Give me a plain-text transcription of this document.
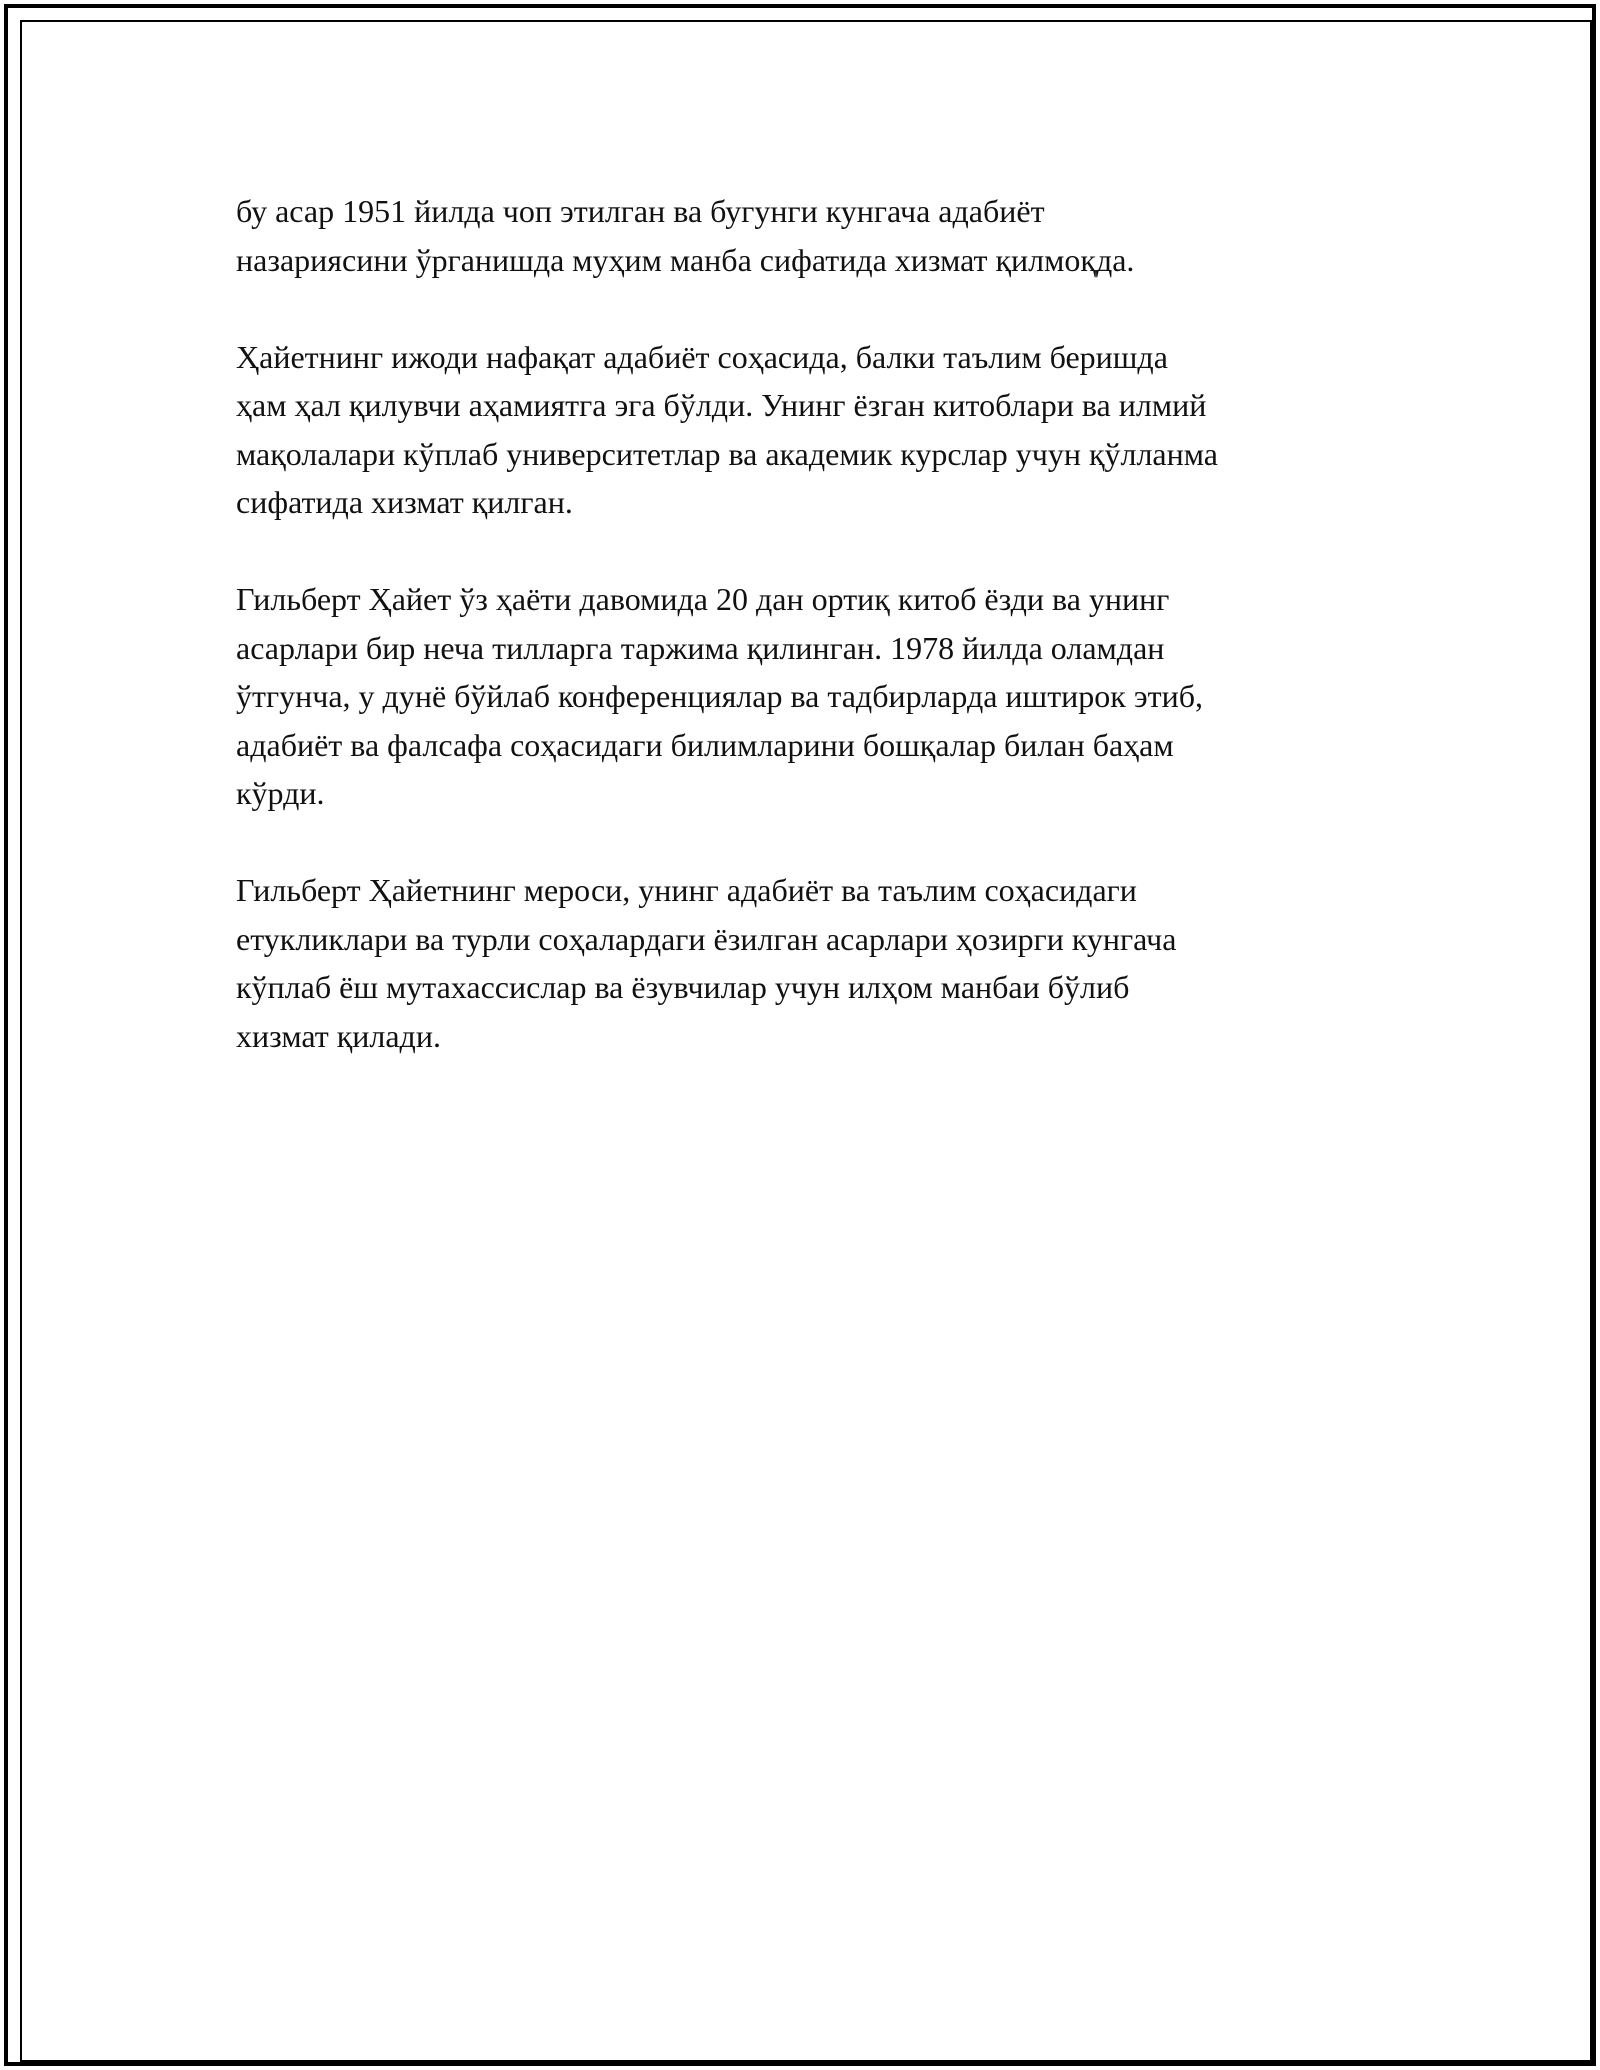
бу асар 1951 йилда чоп этилган ва бугунги кунгача адабиёт
назариясини ўрганишда муҳим манба сифатида хизмат қилмоқда.

Ҳайетнинг ижоди нафақат адабиёт соҳасида, балки таълим беришда
ҳам ҳал қилувчи аҳамиятга эга бўлди. Унинг ёзган китоблари ва илмий
мақолалари кўплаб университетлар ва академик курслар учун қўлланма
сифатида хизмат қилган.

Гильберт Ҳайет ўз ҳаёти давомида 20 дан ортиқ китоб ёзди ва унинг
асарлари бир неча тилларга таржима қилинган. 1978 йилда оламдан
ўтгунча, у дунё бўйлаб конференциялар ва тадбирларда иштирок этиб,
адабиёт ва фалсафа соҳасидаги билимларини бошқалар билан баҳам
кўрди.

Гильберт Ҳайетнинг мероси, унинг адабиёт ва таълим соҳасидаги
етукликлари ва турли соҳалардаги ёзилган асарлари ҳозирги кунгача
кўплаб ёш мутахассислар ва ёзувчилар учун илҳом манбаи бўлиб
хизмат қилади.
